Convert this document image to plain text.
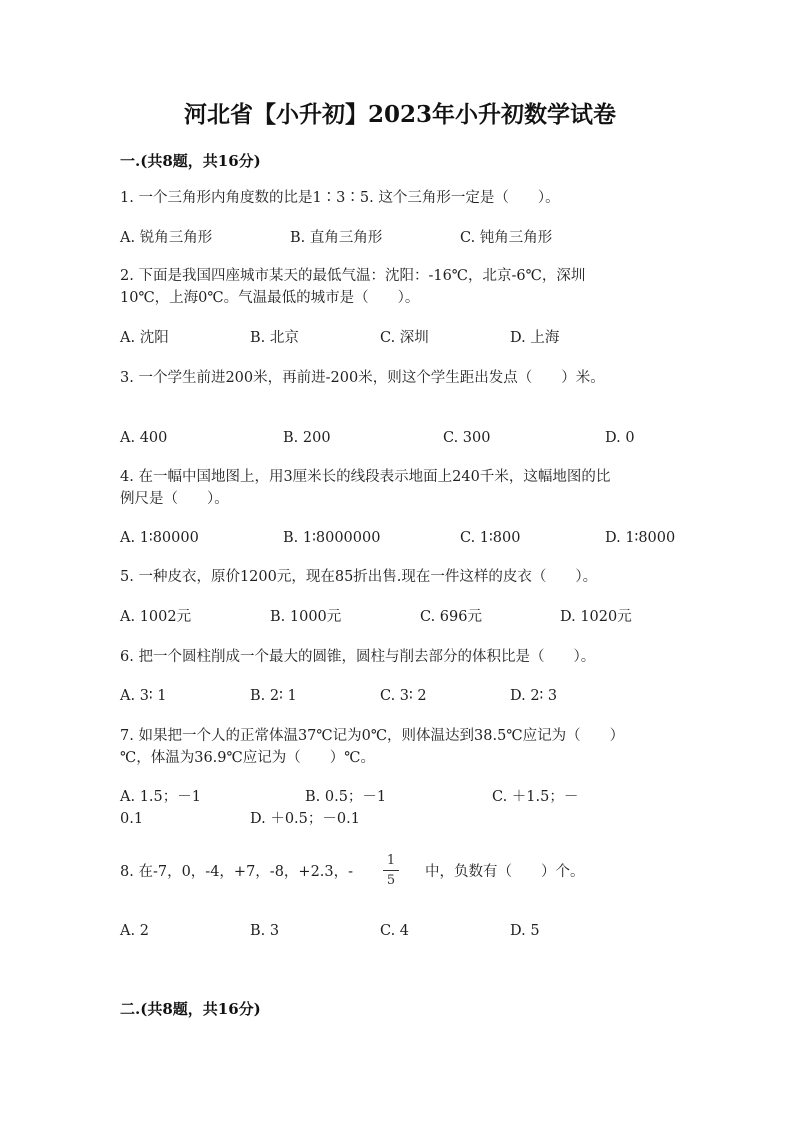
河北省【小升初】2023年小升初数学试卷
一.(共8题，共16分)
1. 一个三角形内角度数的比是1∶3∶5. 这个三角形一定是（　　）。
A. 锐角三角形	B. 直角三角形	C. 钝角三角形
2. 下面是我国四座城市某天的最低气温：沈阳：-16℃，北京-6℃，深圳
10℃，上海0℃。气温最低的城市是（　　）。
A. 沈阳	B. 北京	C. 深圳	D. 上海
3. 一个学生前进200米，再前进-200米，则这个学生距出发点（　　）米。
A. 400	B. 200	C. 300	D. 0
4. 在一幅中国地图上，用3厘米长的线段表示地面上240千米，这幅地图的比
例尺是（　　）。
A. 1∶80000	B. 1∶8000000	C. 1∶800	D. 1∶8000
5. 一种皮衣，原价1200元，现在85折出售.现在一件这样的皮衣（　　）。
A. 1002元	B. 1000元	C. 696元	D. 1020元
6. 把一个圆柱削成一个最大的圆锥，圆柱与削去部分的体积比是（　　）。
A. 3∶ 1	B. 2∶ 1	C. 3∶ 2	D. 2∶ 3
7. 如果把一个人的正常体温37℃记为0℃，则体温达到38.5℃应记为（　　）
℃，体温为36.9℃应记为（　　）℃。
A. 1.5；－1	B. 0.5；－1	C. ＋1.5；－
0.1	D. ＋0.5；－0.1
8. 在-7，0，-4，+7，-8，+2.3，-
1
5
中，负数有（　　）个。
A. 2	B. 3	C. 4	D. 5
二.(共8题，共16分)
